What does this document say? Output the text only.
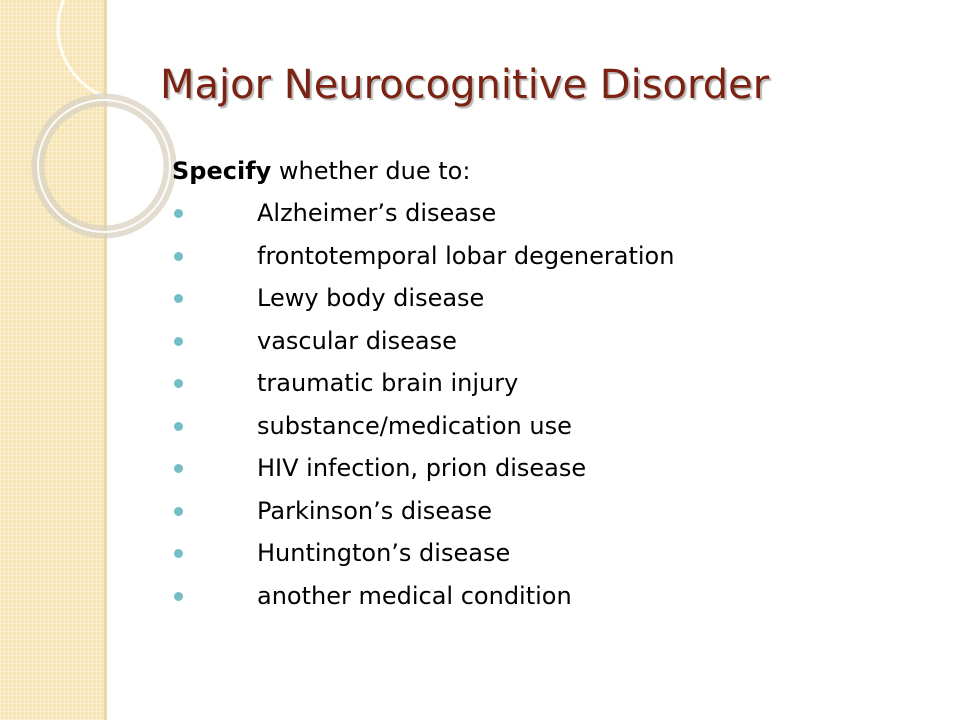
Major Neurocognitive Disorder
Specify whether due to:
Alzheimer’s disease
frontotemporal lobar degeneration
Lewy body disease
vascular disease
traumatic brain injury
substance/medication use
HIV infection, prion disease
Parkinson’s disease
Huntington’s disease
another medical condition
